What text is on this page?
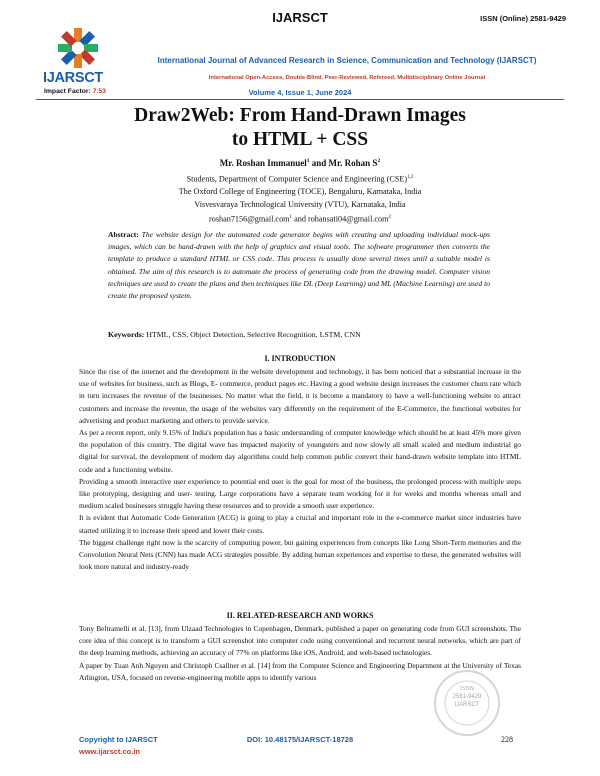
IJARSCT	ISSN (Online) 2581-9429
IJARSCT
International Journal of Advanced Research in Science, Communication and Technology (IJARSCT)
International Open-Access, Double-Blind, Peer-Reviewed, Refereed, Multidisciplinary Online Journal
Impact Factor: 7.53	Volume 4, Issue 1, June 2024
Draw2Web: From Hand-Drawn Images
to HTML + CSS
Mr. Roshan Immanuel$^1$ and Mr. Rohan $S^2$
Students, Department of Computer Science and Engineering (CSE)$^{1,2}$
The Oxford College of Engineering (TOCE), Bengaluru, Karnataka, India
Visvesvaraya Technological University (VTU), Karnataka, India
roshan7156@gmail.com$^1$ and rohansati04@gmail.com$^2$
Abstract: The website design for the automated code generator begins with creating and uploading individual mock-ups images, which can be hand-drawn with the help of graphics and visual tools. The software programmer then converts the template to produce a standard HTML or CSS code. This process is usually done several times until a suitable model is obtained. The aim of this research is to automate the process of generating code from the drawing model. Computer vision techniques are used to create the plans and then techniques like DL (Deep Learning) and ML (Machine Learning) are used to create the proposed system.
Keywords: HTML, CSS, Object Detection, Selective Recognition, LSTM, CNN
I. INTRODUCTION

Since the rise of the internet and the development in the website development and technology, it has been noticed that a substantial increase in the use of websites for business, such as Blogs, E- commerce, product pages etc. Having a good website design increases the customer churn rate which in turn increases the revenue of the businesses. No matter what the field, it is become a mandatory to have a well-functioning website to attract customers and increase the revenue, the usage of the websites vary differently on the requirement of the E-Commerce, the functional websites for advertising and product marketing and others to provide service.

As per a recent report, only 9.15% of India's population has a basic understanding of computer knowledge which should be at least 45% more given the population of this country. The digital wave has impacted majority of youngsters and now slowly all small scaled and medium industrial go digital for survival, the development of modern day algorithms could help common public convert their hand-drawn website template into HTML code and a functioning website.

Providing a smooth interactive user experience to potential end user is the goal for most of the business, the prolonged process with multiple steps like prototyping, designing and user- testing. Large corporations have a separate team working for it for weeks and months whereas small and medium scaled businesses struggle having these resources and to provide a smooth user experience.

It is evident that Automatic Code Generation (ACG) is going to play a crucial and important role in the e-commerce market since industries have started utilizing it to increase their speed and lower their costs.

The biggest challenge right now is the scarcity of computing power, but gaining experiences from concepts like Long Short-Term memories and the Convolution Neural Nets (CNN) has made ACG strategies possible. By adding human experiences and expertise to these, the generated websites will look more natural and industry-ready

II. RELATED-RESEARCH AND WORKS

Tony Beltramelli et al. [13], from Ulzaad Technologies in Copenhagen, Denmark, published a paper on generating code from GUI screenshots. The core idea of this concept is to transform a GUI screenshot into computer code using conventional and recurrent neural networks, which are part of the deep learning methods, achieving an accuracy of 77% on platforms like iOS, Android, and web-based technologies.

A paper by Tuan Anh Nguyen and Christoph Csallner et al. [14] from the Computer Science and Engineering Department at the University of Texas Arlington, USA, focused on reverse-engineering mobile apps to identify various

ISSN
2581-9429
IJARSCT
Copyright to IJARSCT
www.ijarsct.co.in
DOI: 10.48175/IJARSCT-18728	228
